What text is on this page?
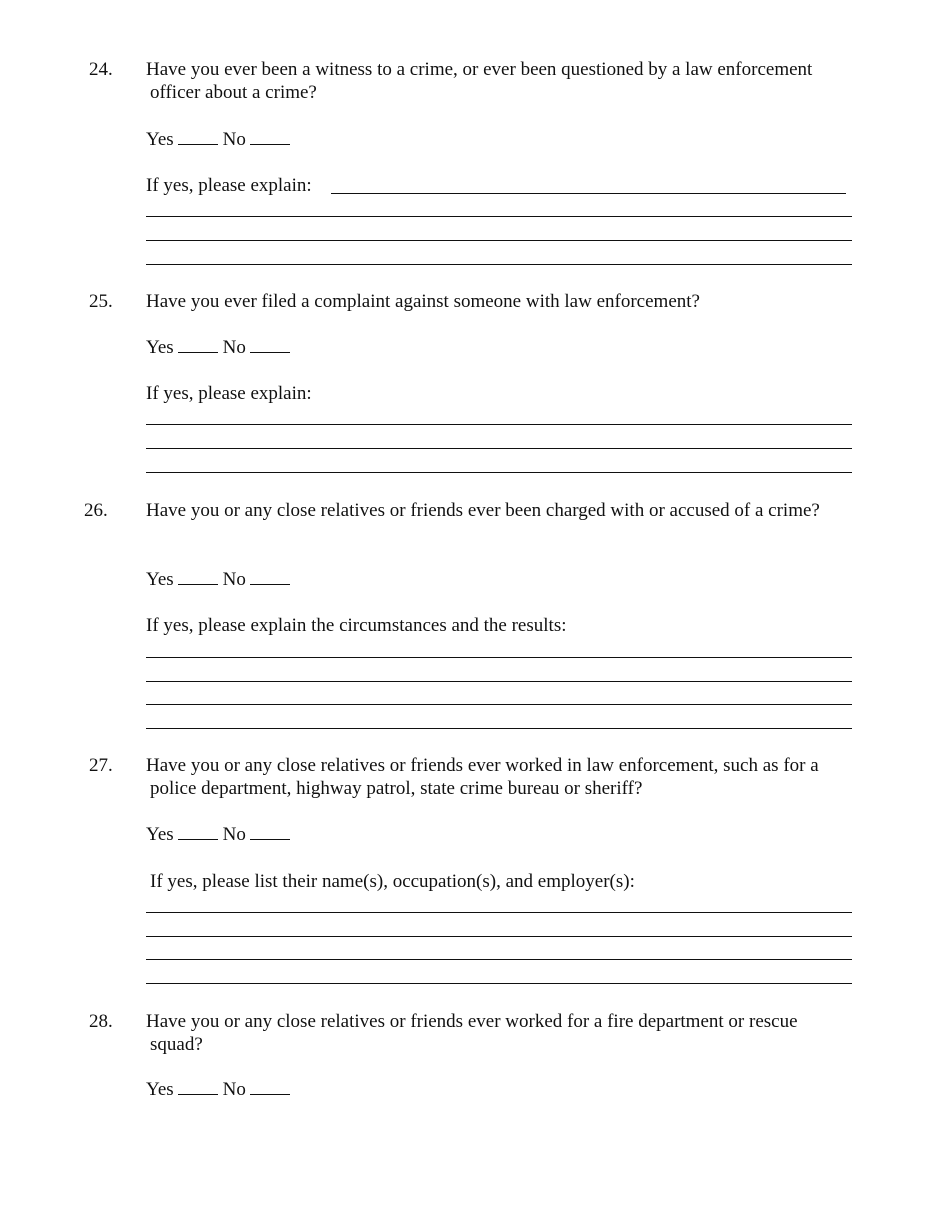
24. Have you ever been a witness to a crime, or ever been questioned by a law enforcement
officer about a crime?
Yes	No
If yes, please explain:
25. Have you ever filed a complaint against someone with law enforcement?
Yes	No
If yes, please explain:
26. Have you or any close relatives or friends ever been charged with or accused of a crime?
Yes	No
If yes, please explain the circumstances and the results:
27. Have you or any close relatives or friends ever worked in law enforcement, such as for a
police department, highway patrol, state crime bureau or sheriff?
Yes	No
If yes, please list their name(s), occupation(s), and employer(s):
28. Have you or any close relatives or friends ever worked for a fire department or rescue
squad?
Yes	No
